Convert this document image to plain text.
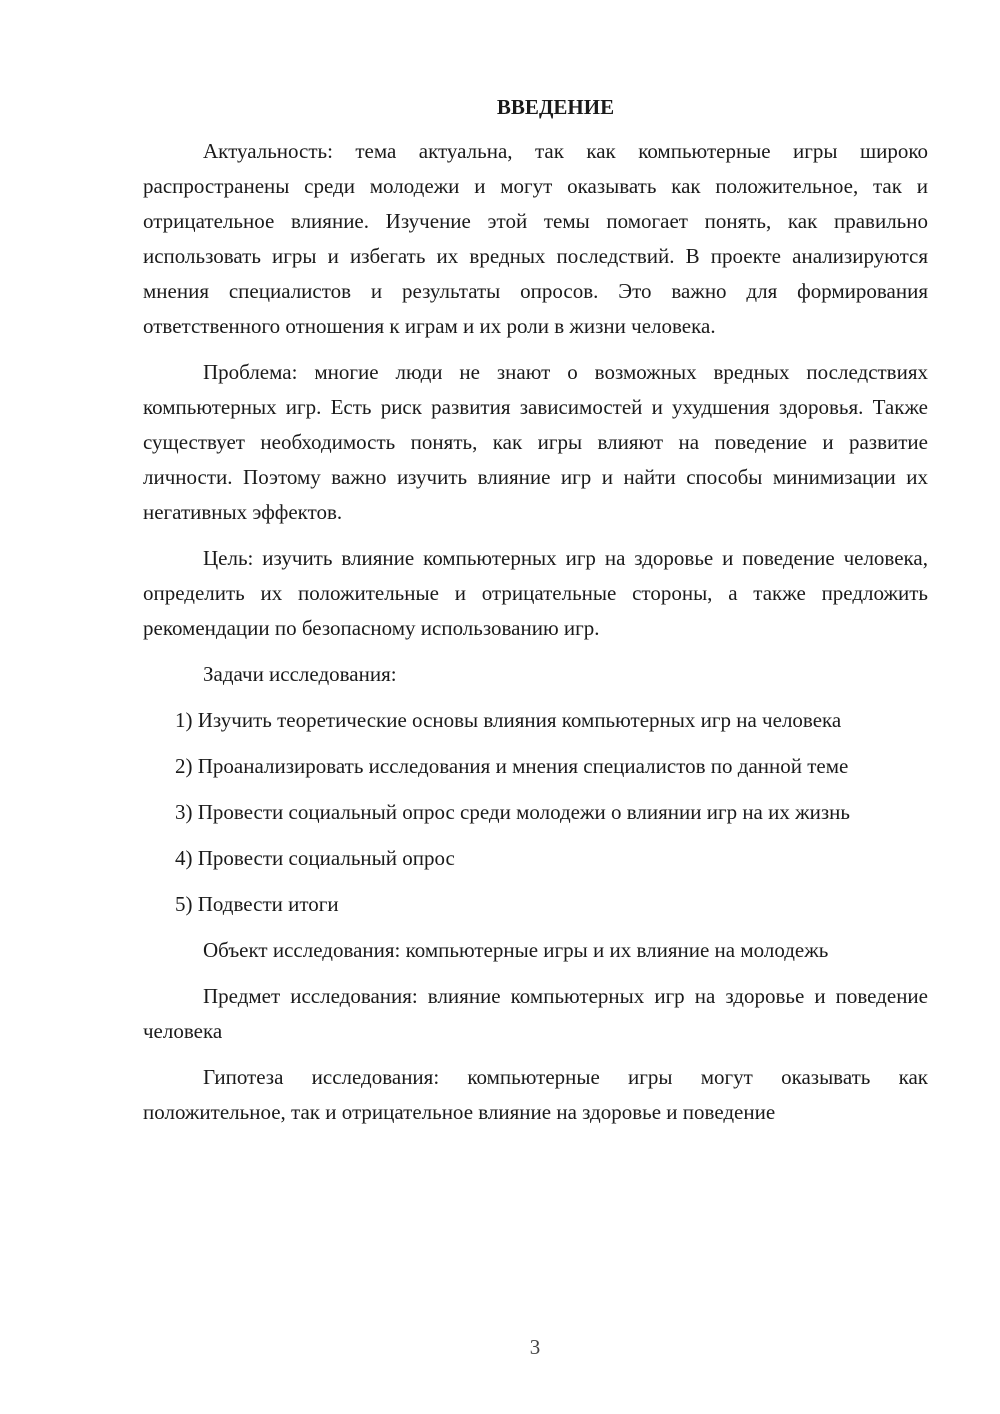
ВВЕДЕНИЕ

Актуальность: тема актуальна, так как компьютерные игры широко распространены среди молодежи и могут оказывать как положительное, так и отрицательное влияние. Изучение этой темы помогает понять, как правильно использовать игры и избегать их вредных последствий. В проекте анализируются мнения специалистов и результаты опросов. Это важно для формирования ответственного отношения к играм и их роли в жизни человека.

Проблема: многие люди не знают о возможных вредных последствиях компьютерных игр. Есть риск развития зависимостей и ухудшения здоровья. Также существует необходимость понять, как игры влияют на поведение и развитие личности. Поэтому важно изучить влияние игр и найти способы минимизации их негативных эффектов.

Цель: изучить влияние компьютерных игр на здоровье и поведение человека, определить их положительные и отрицательные стороны, а также предложить рекомендации по безопасному использованию игр.

Задачи исследования:

1) Изучить теоретические основы влияния компьютерных игр на человека

2) Проанализировать исследования и мнения специалистов по данной теме

3) Провести социальный опрос среди молодежи о влиянии игр на их жизнь

4) Провести социальный опрос

5) Подвести итоги

Объект исследования: компьютерные игры и их влияние на молодежь

Предмет исследования: влияние компьютерных игр на здоровье и поведение человека

Гипотеза исследования: компьютерные игры могут оказывать как положительное, так и отрицательное влияние на здоровье и поведение

3
